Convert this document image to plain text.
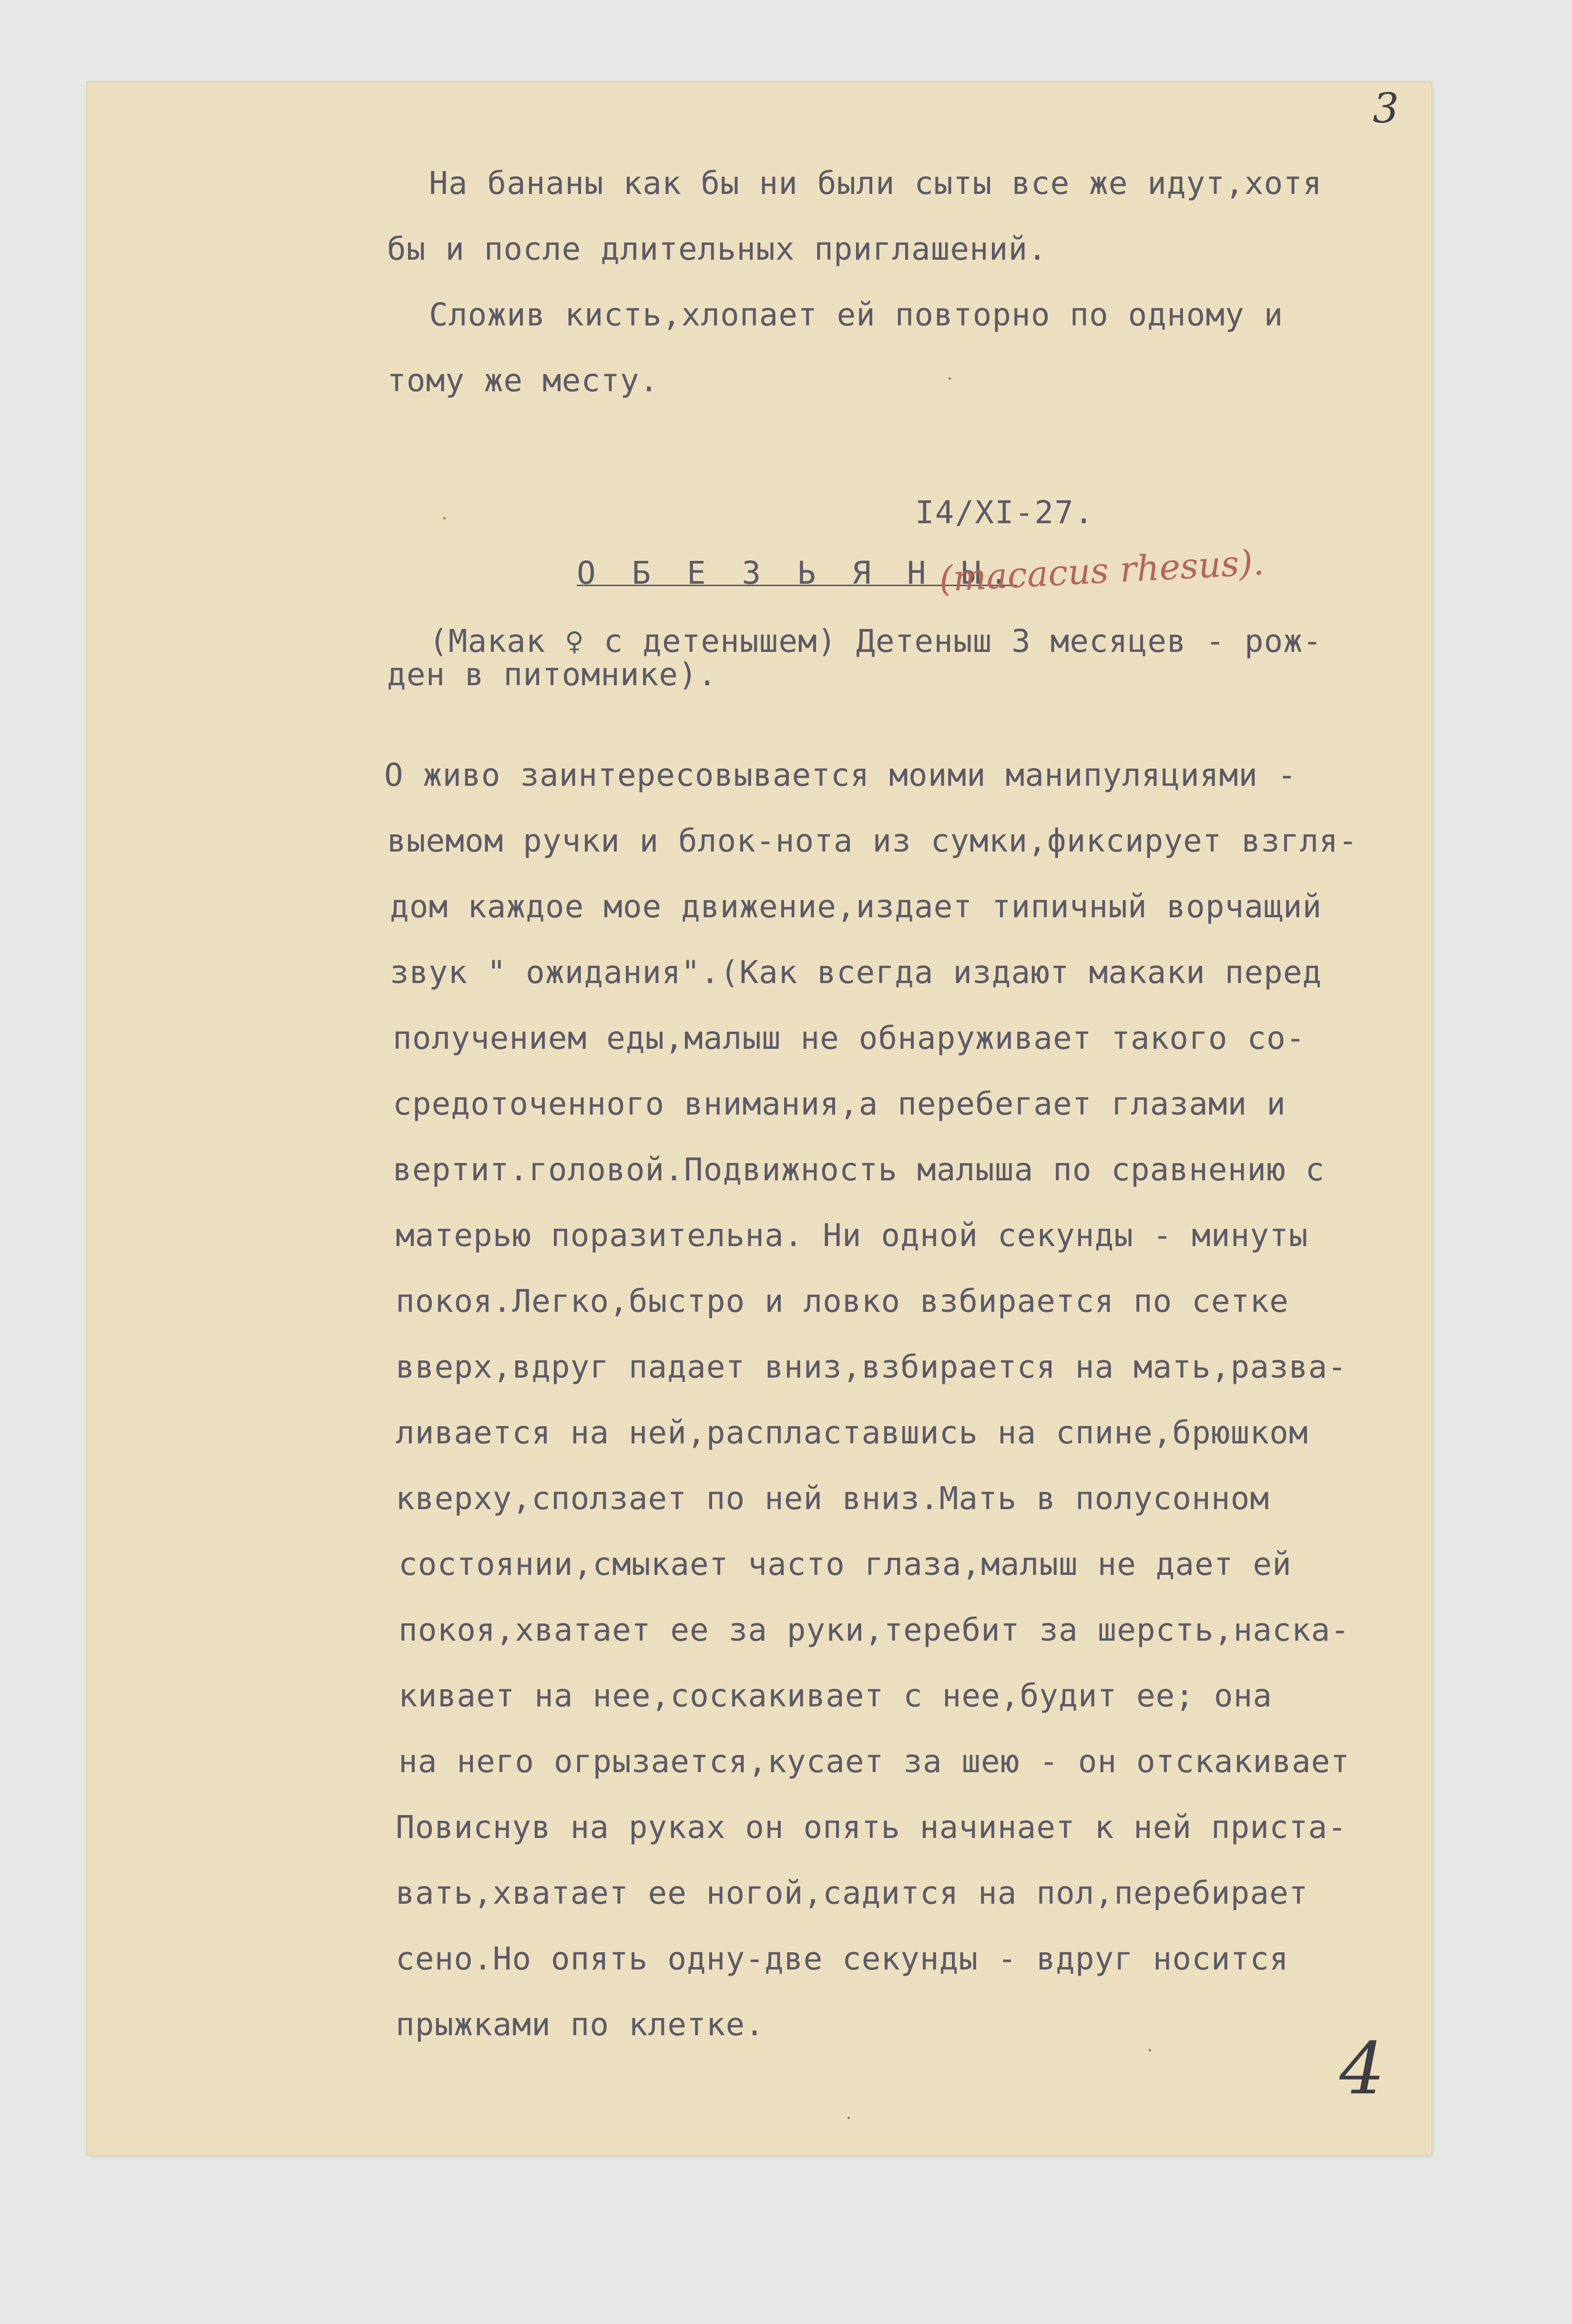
3
На бананы как бы ни были сыты все же идут,хотя
бы и после длительных приглашений.
Сложив кисть,хлопает ей повторно по одному и
тому же месту.
I4/XI-27.
О Б Е З Ь Я Н Ы.
(macacus rhesus).
(Макак ♀ с детенышем) Детеныш 3 месяцев - рож-
ден в питомнике).
О живо заинтересовывается моими манипуляциями -
выемом ручки и блок-нота из сумки,фиксирует взгля-
дом каждое мое движение,издает типичный ворчащий
звук " ожидания".(Как всегда издают макаки перед
получением еды,малыш не обнаруживает такого со-
средоточенного внимания,а перебегает глазами и
вертит.головой.Подвижность малыша по сравнению с
матерью поразительна. Ни одной секунды - минуты
покоя.Легко,быстро и ловко взбирается по сетке
вверх,вдруг падает вниз,взбирается на мать,разва-
ливается на ней,распластавшись на спине,брюшком
кверху,сползает по ней вниз.Мать в полусонном
состоянии,смыкает часто глаза,малыш не дает ей
покоя,хватает ее за руки,теребит за шерсть,наска-
кивает на нее,соскакивает с нее,будит ее; она
на него огрызается,кусает за шею - он отскакивает
Повиснув на руках он опять начинает к ней приста-
вать,хватает ее ногой,садится на пол,перебирает
сено.Но опять одну-две секунды - вдруг носится
прыжками по клетке.
4
